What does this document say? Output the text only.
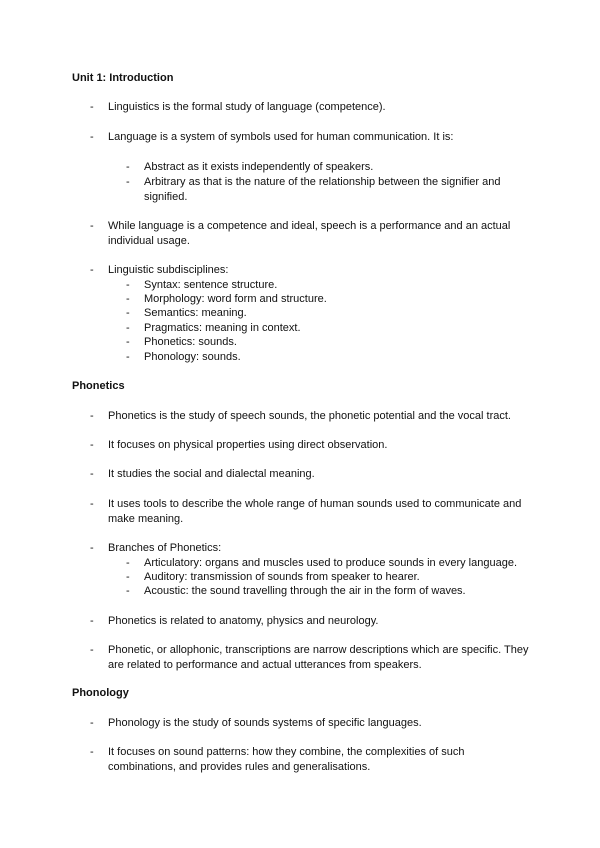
Unit 1: Introduction
- Linguistics is the formal study of language (competence).
- Language is a system of symbols used for human communication. It is:
- Abstract as it exists independently of speakers.
- Arbitrary as that is the nature of the relationship between the signifier and signified.
- While language is a competence and ideal, speech is a performance and an actual individual usage.
- Linguistic subdisciplines:
- Syntax: sentence structure.
- Morphology: word form and structure.
- Semantics: meaning.
- Pragmatics: meaning in context.
- Phonetics: sounds.
- Phonology: sounds.
Phonetics
- Phonetics is the study of speech sounds, the phonetic potential and the vocal tract.
- It focuses on physical properties using direct observation.
- It studies the social and dialectal meaning.
- It uses tools to describe the whole range of human sounds used to communicate and make meaning.
- Branches of Phonetics:
- Articulatory: organs and muscles used to produce sounds in every language.
- Auditory: transmission of sounds from speaker to hearer.
- Acoustic: the sound travelling through the air in the form of waves.
- Phonetics is related to anatomy, physics and neurology.
- Phonetic, or allophonic, transcriptions are narrow descriptions which are specific. They are related to performance and actual utterances from speakers.
Phonology
- Phonology is the study of sounds systems of specific languages.
- It focuses on sound patterns: how they combine, the complexities of such combinations, and provides rules and generalisations.
